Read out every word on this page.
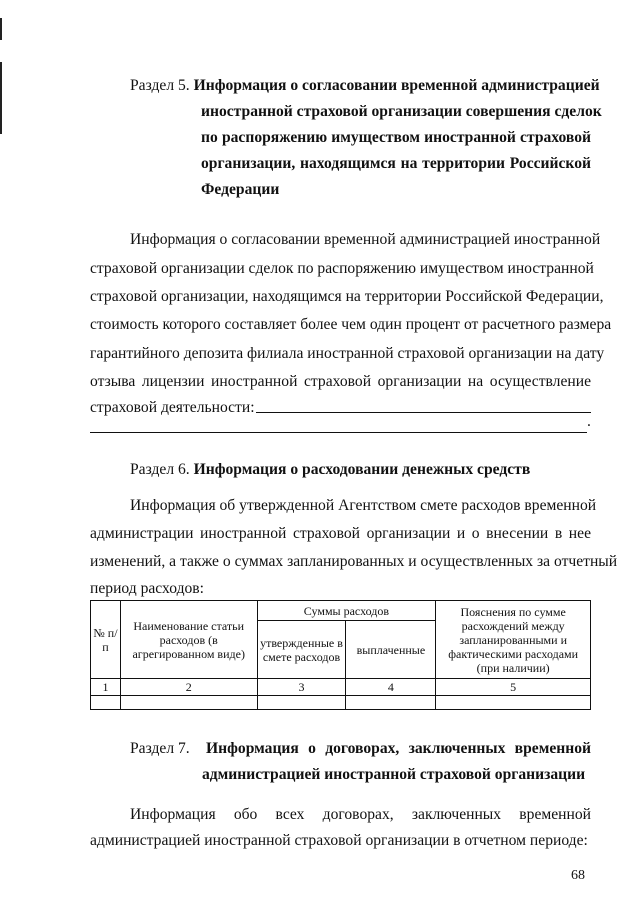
Раздел 5. Информация о согласовании временной администрацией
иностранной страховой организации совершения сделок
по распоряжению имуществом иностранной страховой
организации, находящимся на территории Российской
Федерации
Информация о согласовании временной администрацией иностранной
страховой организации сделок по распоряжению имуществом иностранной
страховой организации, находящимся на территории Российской Федерации,
стоимость которого составляет более чем один процент от расчетного размера
гарантийного депозита филиала иностранной страховой организации на дату
отзыва лицензии иностранной страховой организации на осуществление
страховой деятельности:
.
Раздел 6. Информация о расходовании денежных средств
Информация об утвержденной Агентством смете расходов временной
администрации иностранной страховой организации и о внесении в нее
изменений, а также о суммах запланированных и осуществленных за отчетный
период расходов:
№ п/п	Наименование статьи расходов (в агрегированном виде)	Суммы расходов		Пояснения по сумме расхождений между запланированными и фактическими расходами (при наличии)
		утвержденные в смете расходов	выплаченные	
1	2	3	4	5

Раздел 7. Информация о договорах, заключенных временной
администрацией иностранной страховой организации
Информация обо всех договорах, заключенных временной
администрацией иностранной страховой организации в отчетном периоде:
68
